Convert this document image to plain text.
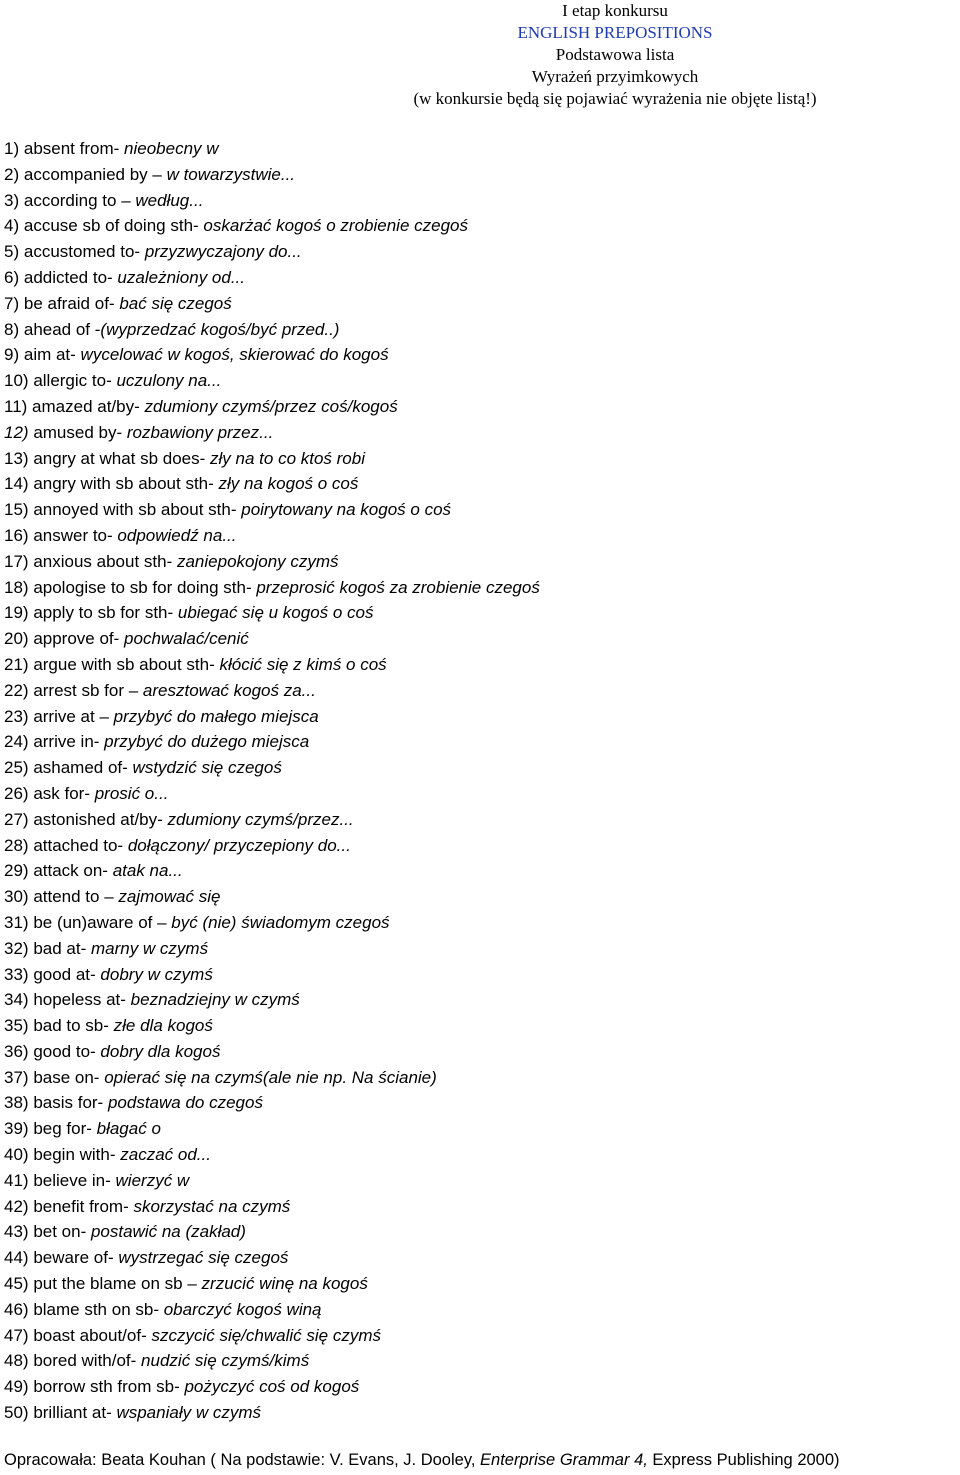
I etap konkursu
ENGLISH PREPOSITIONS
Podstawowa lista
Wyrażeń przyimkowych
(w konkursie będą się pojawiać wyrażenia nie objęte listą!)
1) absent from- nieobecny w
2) accompanied by – w towarzystwie...
3) according to – według...
4) accuse sb of doing sth- oskarżać kogoś o zrobienie czegoś
5) accustomed to- przyzwyczajony do...
6) addicted to- uzależniony od...
7) be afraid of- bać się czegoś
8) ahead of -(wyprzedzać kogoś/być przed..)
9) aim at- wycelować w kogoś, skierować do kogoś
10) allergic to- uczulony na...
11) amazed at/by- zdumiony czymś/przez coś/kogoś
12) amused by- rozbawiony przez...
13) angry at what sb does- zły na to co ktoś robi
14) angry with sb about sth- zły na kogoś o coś
15) annoyed with sb about sth- poirytowany na kogoś o coś
16) answer to- odpowiedź na...
17) anxious about sth- zaniepokojony czymś
18) apologise to sb for doing sth- przeprosić kogoś za zrobienie czegoś
19) apply to sb for sth- ubiegać się u kogoś o coś
20) approve of- pochwalać/cenić
21) argue with sb about sth- kłócić się z kimś o coś
22) arrest sb for – aresztować kogoś za...
23) arrive at – przybyć do małego miejsca
24) arrive in- przybyć do dużego miejsca
25) ashamed of- wstydzić się czegoś
26) ask for- prosić o...
27) astonished at/by- zdumiony czymś/przez...
28) attached to- dołączony/ przyczepiony do...
29) attack on- atak na...
30) attend to – zajmować się
31) be (un)aware of – być (nie) świadomym czegoś
32) bad at- marny w czymś
33) good at- dobry w czymś
34) hopeless at- beznadziejny w czymś
35) bad to sb- złe dla kogoś
36) good to- dobry dla kogoś
37) base on- opierać się na czymś(ale nie np. Na ścianie)
38) basis for- podstawa do czegoś
39) beg for- błagać o
40) begin with- zaczać od...
41) believe in- wierzyć w
42) benefit from- skorzystać na czymś
43) bet on- postawić na (zakład)
44) beware of- wystrzegać się czegoś
45) put the blame on sb – zrzucić winę na kogoś
46) blame sth on sb- obarczyć kogoś winą
47) boast about/of- szczycić się/chwalić się czymś
48) bored with/of- nudzić się czymś/kimś
49) borrow sth from sb- pożyczyć coś od kogoś
50) brilliant at- wspaniały w czymś
Opracowała: Beata Kouhan ( Na podstawie: V. Evans, J. Dooley, Enterprise Grammar 4, Express Publishing 2000)
